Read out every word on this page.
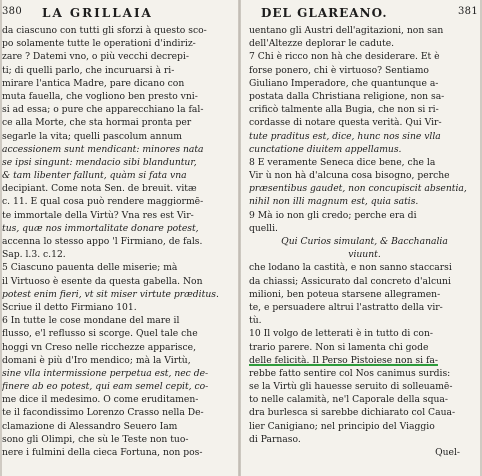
380 LA GRILLAIA
da ciascuno con tutti gli sforzi à questo sco-
po solamente tutte le operationi d'indiriz-
zare ? Datemi vno, o più vecchi decrepi-
ti; di quelli parlo, che incuruarsi à ri-
mirare l'antica Madre, pare dicano con
muta fauella, che vogliono ben presto vni-
si ad essa; o pure che apparecchiano la fal-
ce alla Morte, che sta hormai pronta per
segarle la vita; quelli pascolum annum
accessionem sunt mendicant: minores nata
se ipsi singunt: mendacio sibi blanduntur,
& tam libenter fallunt, quàm si fata vna
decipiant. Come nota Sen. de breuit. vitæ
c. 11. E qual cosa può rendere maggiormē-
te immortale della Virtù? Vna res est Vir-
tus, quæ nos immortalitate donare potest,
accenna lo stesso appo 'l Firmiano, de fals.
Sap. l.3. c.12.
5 Ciascuno pauenta delle miserie; mà
il Virtuoso è esente da questa gabella. Non
potest enim fieri, vt sit miser virtute præditus.
Scriue il detto Firmiano 101.
6 In tutte le cose mondane del mare il
flusso, e'l reflusso si scorge. Quel tale che
hoggi vn Creso nelle ricchezze apparisce,
domani è più d'Iro mendico; mà la Virtù,
sine vlla intermissione perpetua est, nec de-
finere ab eo potest, qui eam semel cepit, co-
me dice il medesimo. O come eruditamen-
te il facondissimo Lorenzo Crasso nella De-
clamazione di Alessandro Seuero Iam
sono gli Olimpi, che sù le Teste non tuo-
nere i fulmini della cieca Fortuna, non pos-
DEL GLAREANO.	381
uentano gli Austri dell'agitazioni, non san
dell'Altezze deplorar le cadute.
7 Chi è ricco non hà che desiderare. Et è
forse ponero, chi è virtuoso? Sentiamo
Giuliano Imperadore, che quantunque a-
postata dalla Christiana religione, non sa-
crificò talmente alla Bugia, che non si ri-
cordasse di notare questa verità. Qui Vir-
tute praditus est, dice, hunc nos sine vlla
cunctatione diuitem appellamus.
8 E veramente Seneca dice bene, che la
Vir ù non hà d'alcuna cosa bisogno, perche
præsentibus gaudet, non concupiscit absentia,
nihil non illi magnum est, quia satis.
9 Mà io non gli credo; perche era di
quelli.
Qui Curios simulant, & Bacchanalia
viuunt.
che lodano la castità, e non sanno staccarsi
da chiassi; Assicurato dal concreto d'alcuni
milioni, ben poteua starsene allegramen-
te, e persuadere altrui l'astratto della vir-
tù.
10 Il volgo de letterati è in tutto di con-
trario parere. Non si lamenta chi gode
delle felicità. Il Perso Pistoiese non si fa-
rebbe fatto sentire col Nos canimus surdis:
se la Virtù gli hauesse seruito di solleuamē-
to nelle calamità, ne'l Caporale della squa-
dra burlesca si sarebbe dichiarato col Caua-
lier Canigiano; nel principio del Viaggio
di Parnaso.
Quel-
